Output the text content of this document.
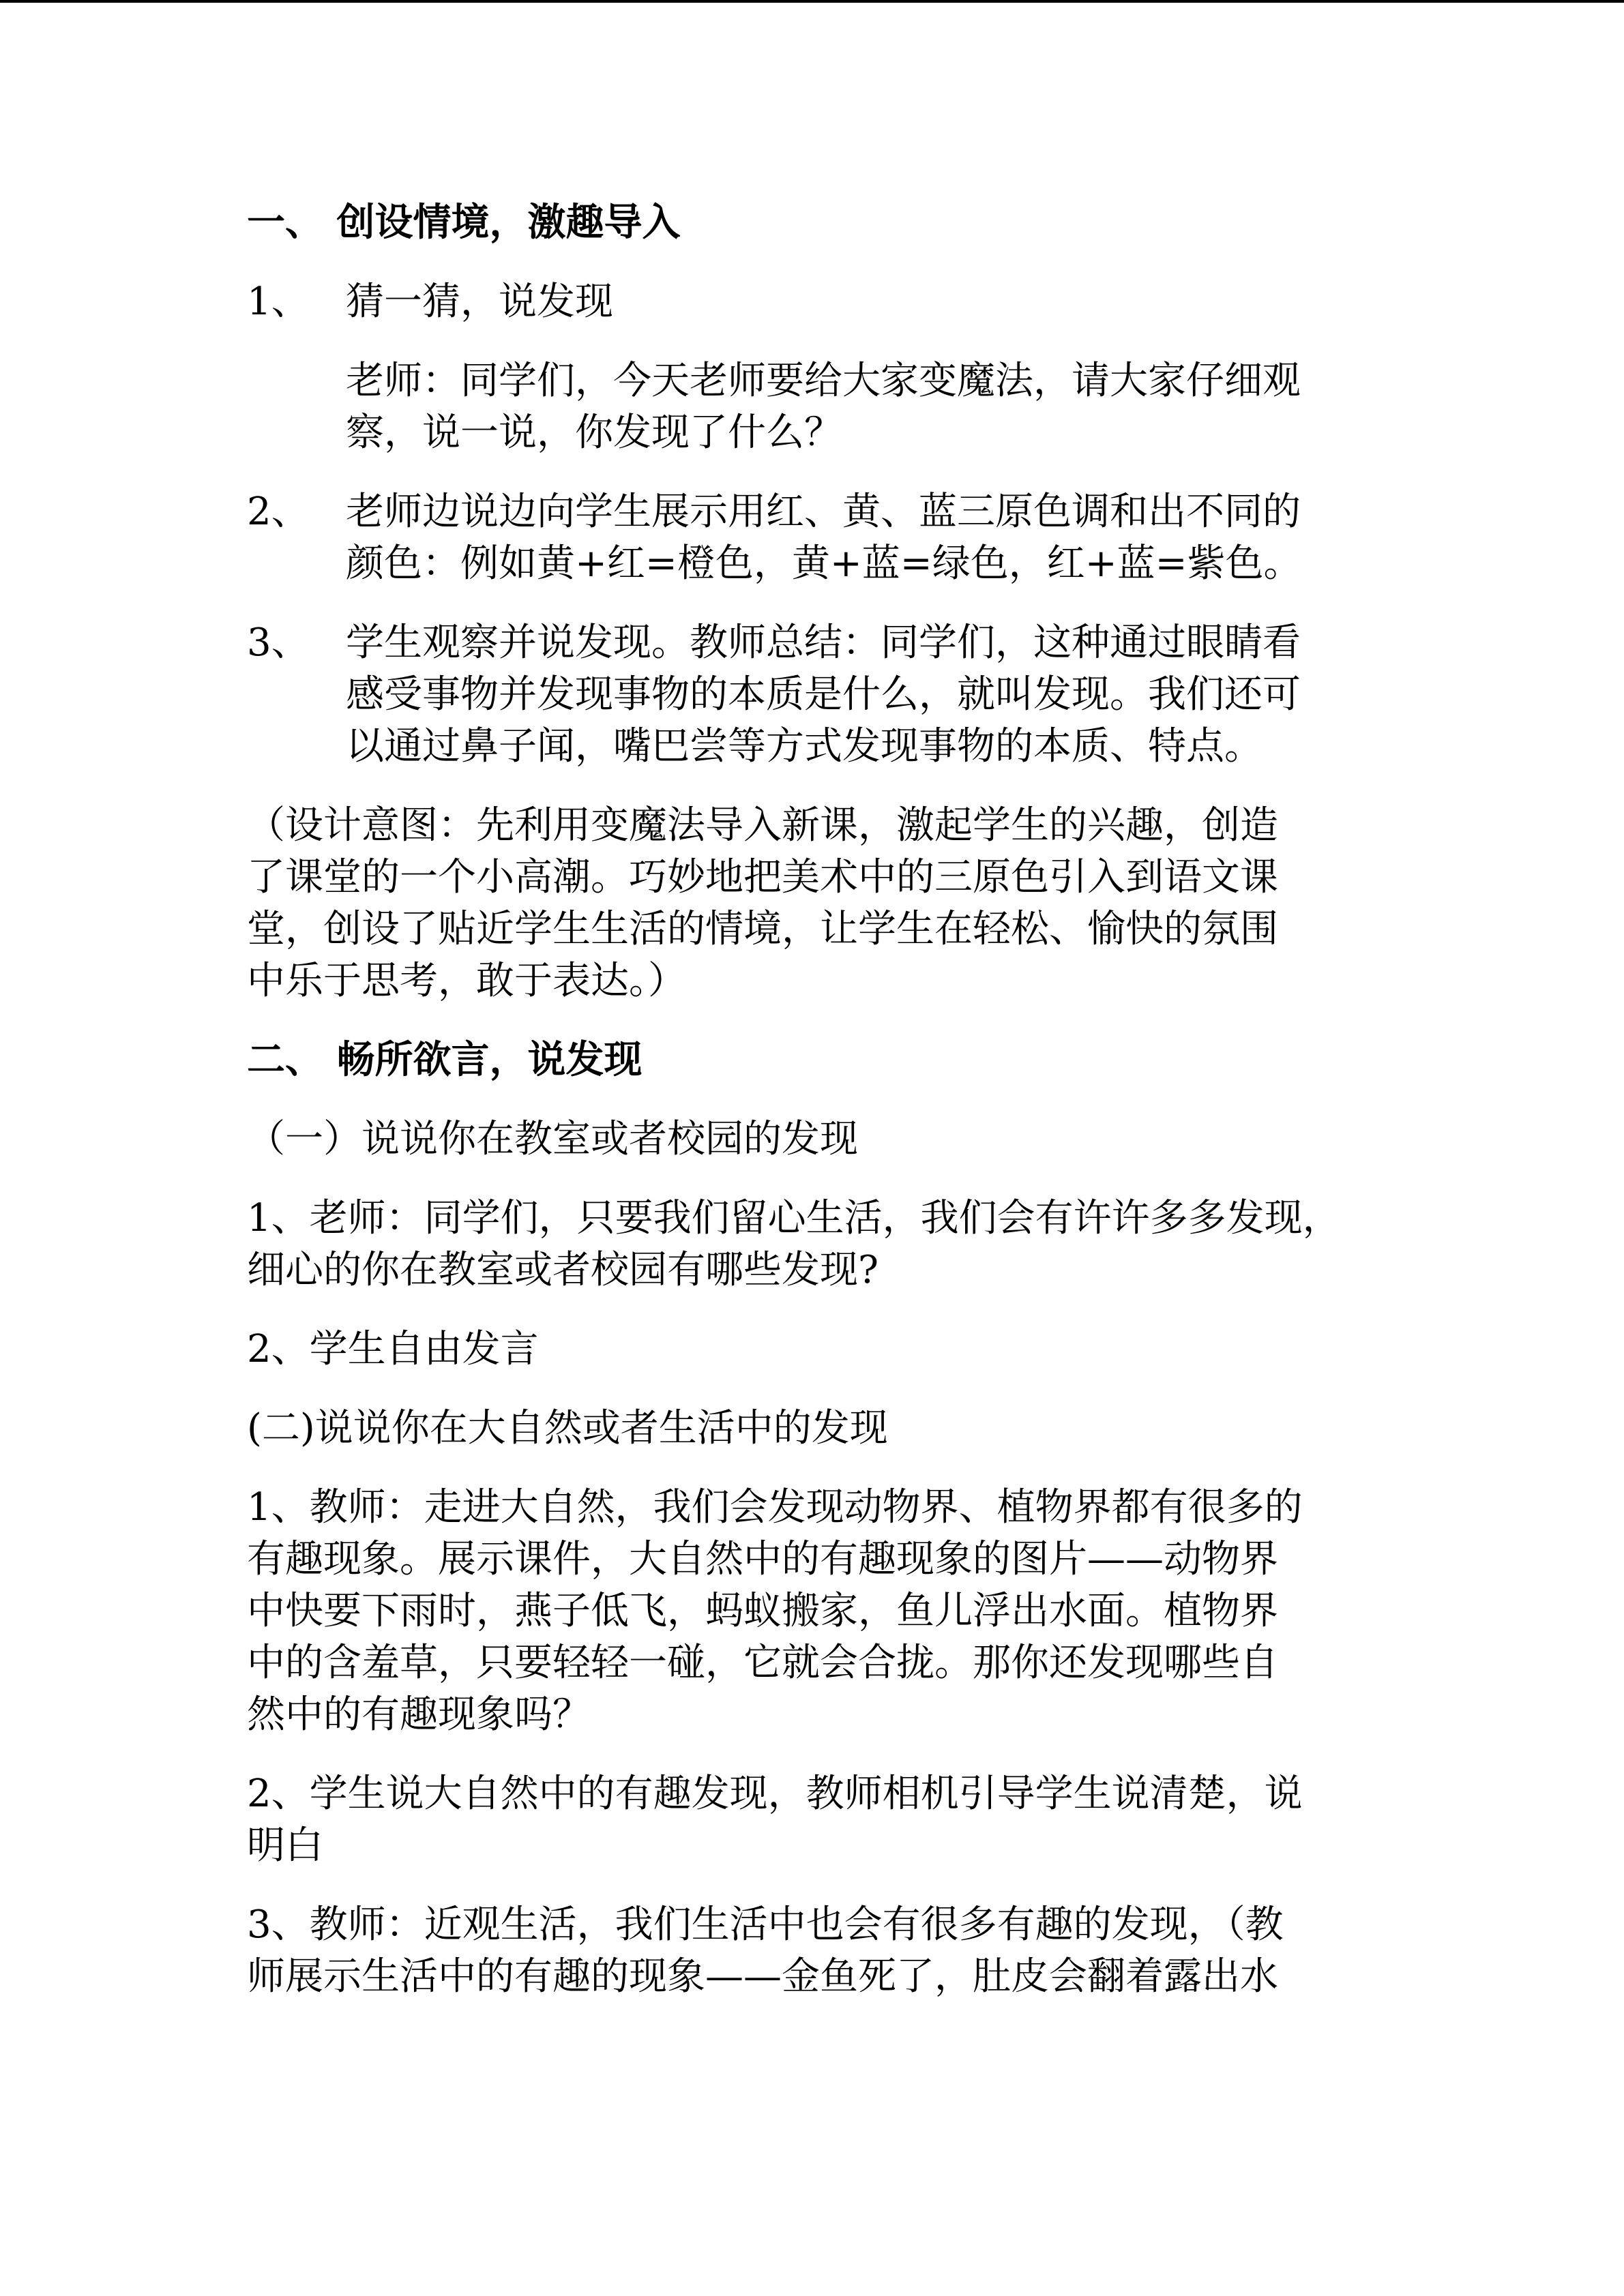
一、 创设情境，激趣导入

1、 猜一猜，说发现

老师：同学们，今天老师要给大家变魔法，请大家仔细观

察，说一说，你发现了什么？

2、 老师边说边向学生展示用红、黄、蓝三原色调和出不同的

颜色：例如黄+红=橙色，黄+蓝=绿色，红+蓝=紫色。

3、 学生观察并说发现。教师总结：同学们，这种通过眼睛看

感受事物并发现事物的本质是什么，就叫发现。我们还可

以通过鼻子闻，嘴巴尝等方式发现事物的本质、特点。

（设计意图：先利用变魔法导入新课，激起学生的兴趣，创造

了课堂的一个小高潮。巧妙地把美术中的三原色引入到语文课

堂，创设了贴近学生生活的情境，让学生在轻松、愉快的氛围

中乐于思考，敢于表达。）

二、 畅所欲言，说发现

（一）说说你在教室或者校园的发现

1、老师：同学们，只要我们留心生活，我们会有许许多多发现，

细心的你在教室或者校园有哪些发现?

2、学生自由发言

(二)说说你在大自然或者生活中的发现

1、教师：走进大自然，我们会发现动物界、植物界都有很多的

有趣现象。展示课件，大自然中的有趣现象的图片——动物界

中快要下雨时，燕子低飞，蚂蚁搬家，鱼儿浮出水面。植物界

中的含羞草，只要轻轻一碰，它就会合拢。那你还发现哪些自

然中的有趣现象吗？

2、学生说大自然中的有趣发现，教师相机引导学生说清楚，说

明白

3、教师：近观生活，我们生活中也会有很多有趣的发现，（教

师展示生活中的有趣的现象——金鱼死了，肚皮会翻着露出水
